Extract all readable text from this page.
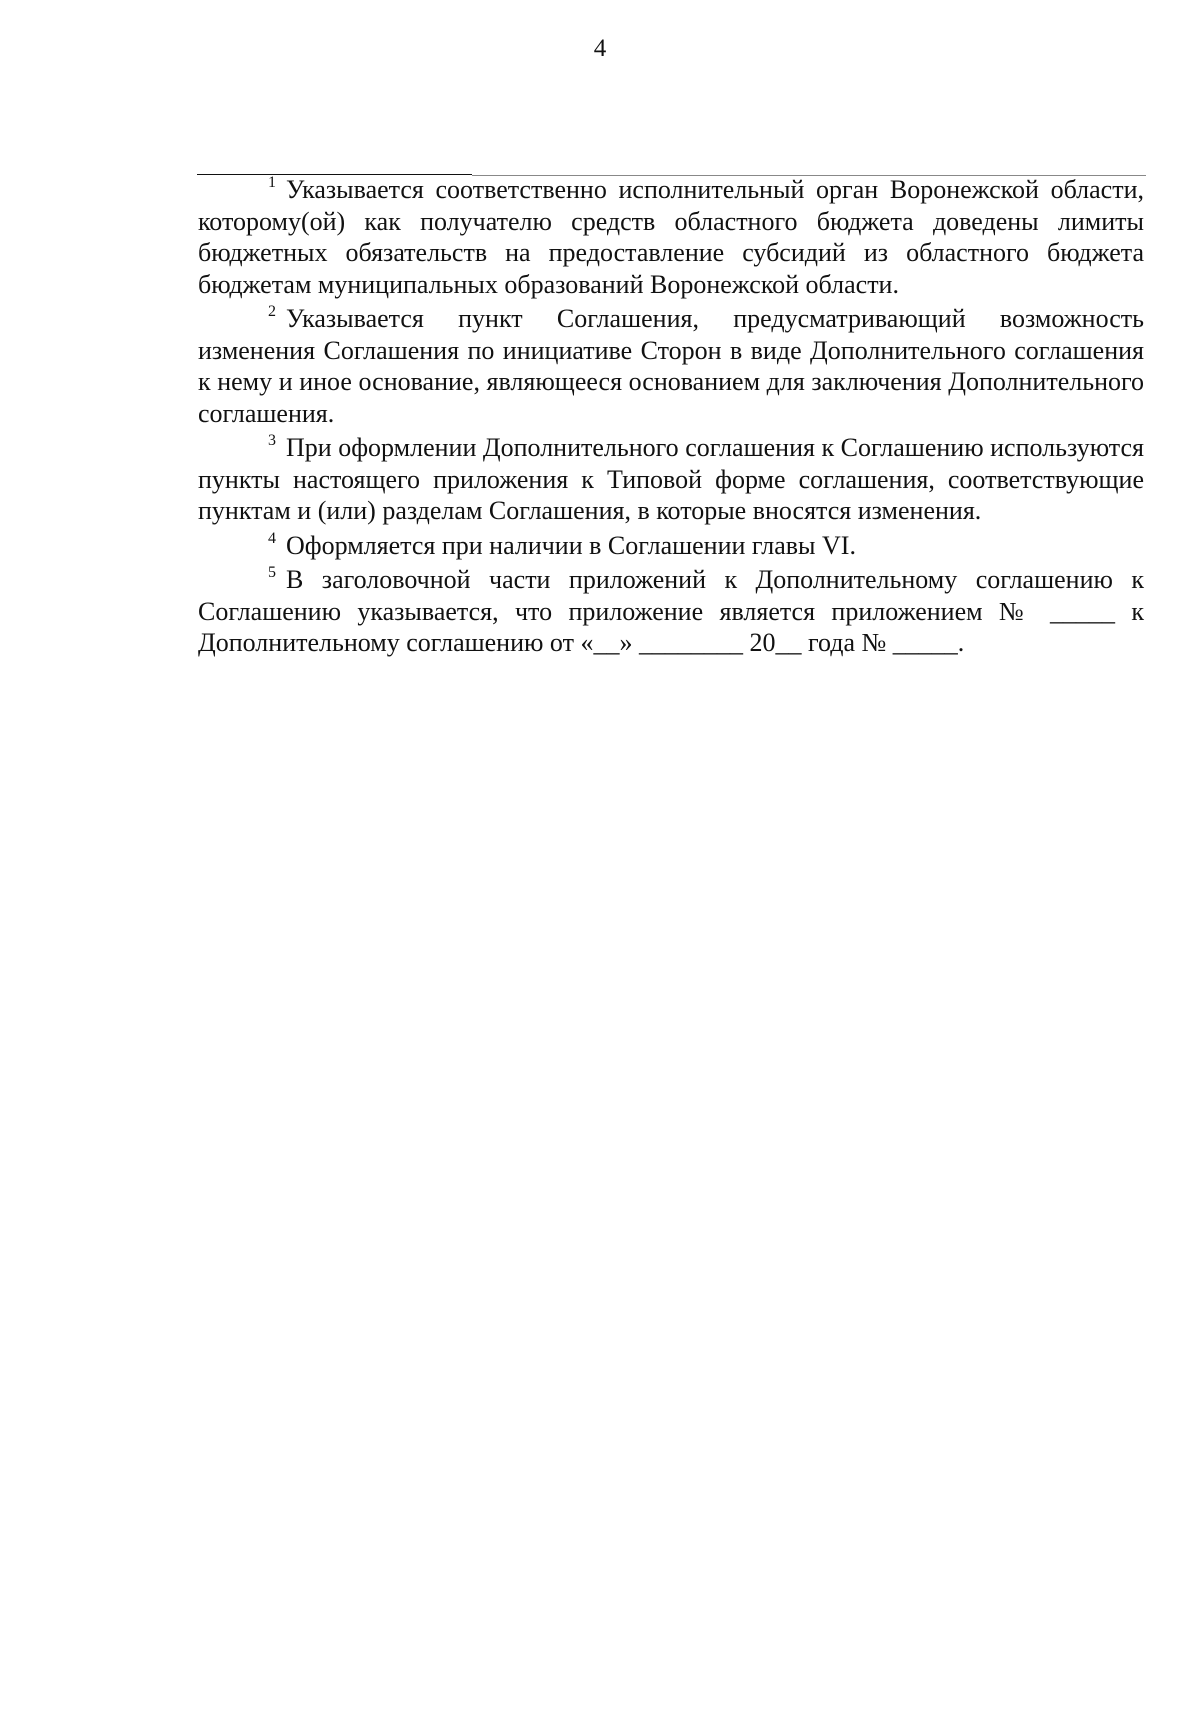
4

$^1$ Указывается соответственно исполнительный орган Воронежской области, которому(ой) как получателю средств областного бюджета доведены лимиты бюджетных обязательств на предоставление субсидий из областного бюджета бюджетам муниципальных образований Воронежской области.

$^2$ Указывается пункт Соглашения, предусматривающий возможность изменения Соглашения по инициативе Сторон в виде Дополнительного соглашения к нему и иное основание, являющееся основанием для заключения Дополнительного соглашения.

$^3$ При оформлении Дополнительного соглашения к Соглашению используются пункты настоящего приложения к Типовой форме соглашения, соответствующие пунктам и (или) разделам Соглашения, в которые вносятся изменения.

$^4$ Оформляется при наличии в Соглашении главы VI.

$^5$ В заголовочной части приложений к Дополнительному соглашению к Соглашению указывается, что приложение является приложением № _____ к Дополнительному соглашению от «__» ________ 20__ года № _____.
